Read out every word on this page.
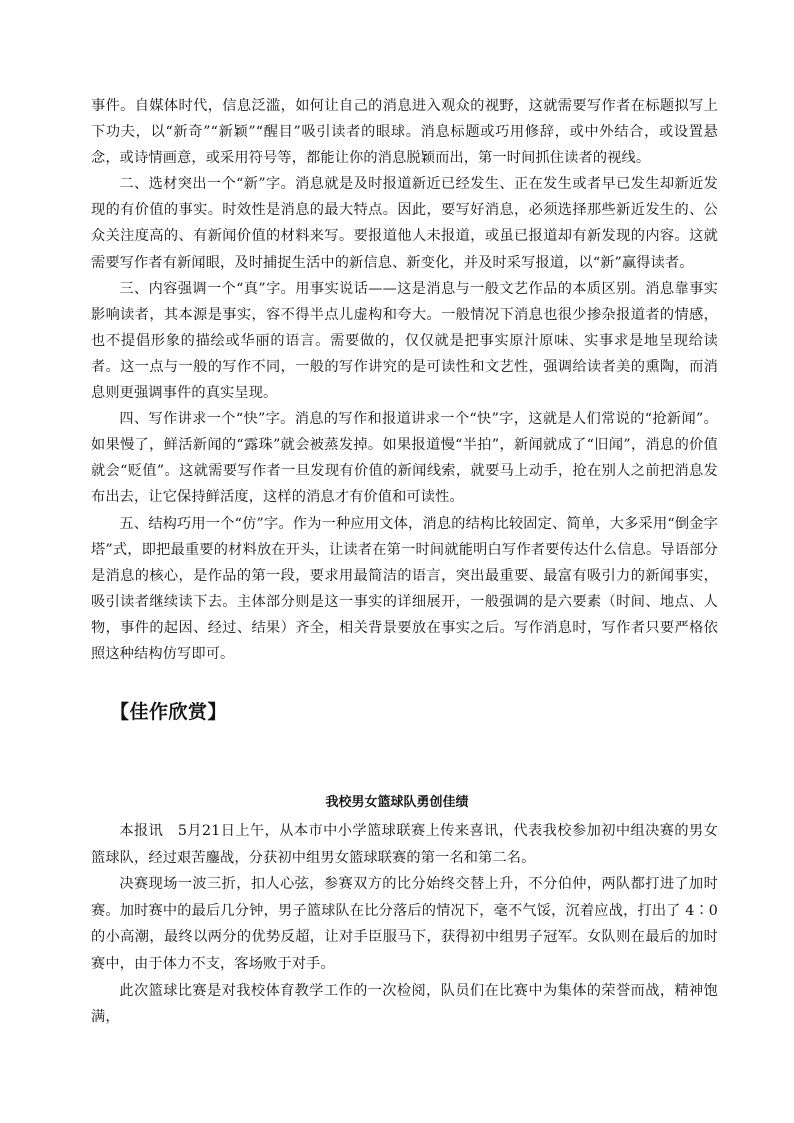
事件。自媒体时代，信息泛滥，如何让自己的消息进入观众的视野，这就需要写作者在标题拟写上下功夫，以“新奇”“新颖”“醒目”吸引读者的眼球。消息标题或巧用修辞，或中外结合，或设置悬念，或诗情画意，或采用符号等，都能让你的消息脱颖而出，第一时间抓住读者的视线。

二、选材突出一个“新”字。消息就是及时报道新近已经发生、正在发生或者早已发生却新近发现的有价值的事实。时效性是消息的最大特点。因此，要写好消息，必须选择那些新近发生的、公众关注度高的、有新闻价值的材料来写。要报道他人未报道，或虽已报道却有新发现的内容。这就需要写作者有新闻眼，及时捕捉生活中的新信息、新变化，并及时采写报道，以“新”赢得读者。

三、内容强调一个“真”字。用事实说话——这是消息与一般文艺作品的本质区别。消息靠事实影响读者，其本源是事实，容不得半点儿虚构和夸大。一般情况下消息也很少掺杂报道者的情感，也不提倡形象的描绘或华丽的语言。需要做的，仅仅就是把事实原汁原味、实事求是地呈现给读者。这一点与一般的写作不同，一般的写作讲究的是可读性和文艺性，强调给读者美的熏陶，而消息则更强调事件的真实呈现。

四、写作讲求一个“快”字。消息的写作和报道讲求一个“快”字，这就是人们常说的“抢新闻”。如果慢了，鲜活新闻的“露珠”就会被蒸发掉。如果报道慢“半拍”，新闻就成了“旧闻”，消息的价值就会“贬值”。这就需要写作者一旦发现有价值的新闻线索，就要马上动手，抢在别人之前把消息发布出去，让它保持鲜活度，这样的消息才有价值和可读性。

五、结构巧用一个“仿”字。作为一种应用文体，消息的结构比较固定、简单，大多采用“倒金字塔”式，即把最重要的材料放在开头，让读者在第一时间就能明白写作者要传达什么信息。导语部分是消息的核心，是作品的第一段，要求用最简洁的语言，突出最重要、最富有吸引力的新闻事实，吸引读者继续读下去。主体部分则是这一事实的详细展开，一般强调的是六要素（时间、地点、人物，事件的起因、经过、结果）齐全，相关背景要放在事实之后。写作消息时，写作者只要严格依照这种结构仿写即可。

【佳作欣赏】
我校男女篮球队勇创佳绩

本报讯　5月21日上午，从本市中小学篮球联赛上传来喜讯，代表我校参加初中组决赛的男女篮球队，经过艰苦鏖战，分获初中组男女篮球联赛的第一名和第二名。

决赛现场一波三折，扣人心弦，参赛双方的比分始终交替上升，不分伯仲，两队都打进了加时赛。加时赛中的最后几分钟，男子篮球队在比分落后的情况下，毫不气馁，沉着应战，打出了 4∶0 的小高潮，最终以两分的优势反超，让对手臣服马下，获得初中组男子冠军。女队则在最后的加时赛中，由于体力不支，客场败于对手。

此次篮球比赛是对我校体育教学工作的一次检阅，队员们在比赛中为集体的荣誉而战，精神饱满，
